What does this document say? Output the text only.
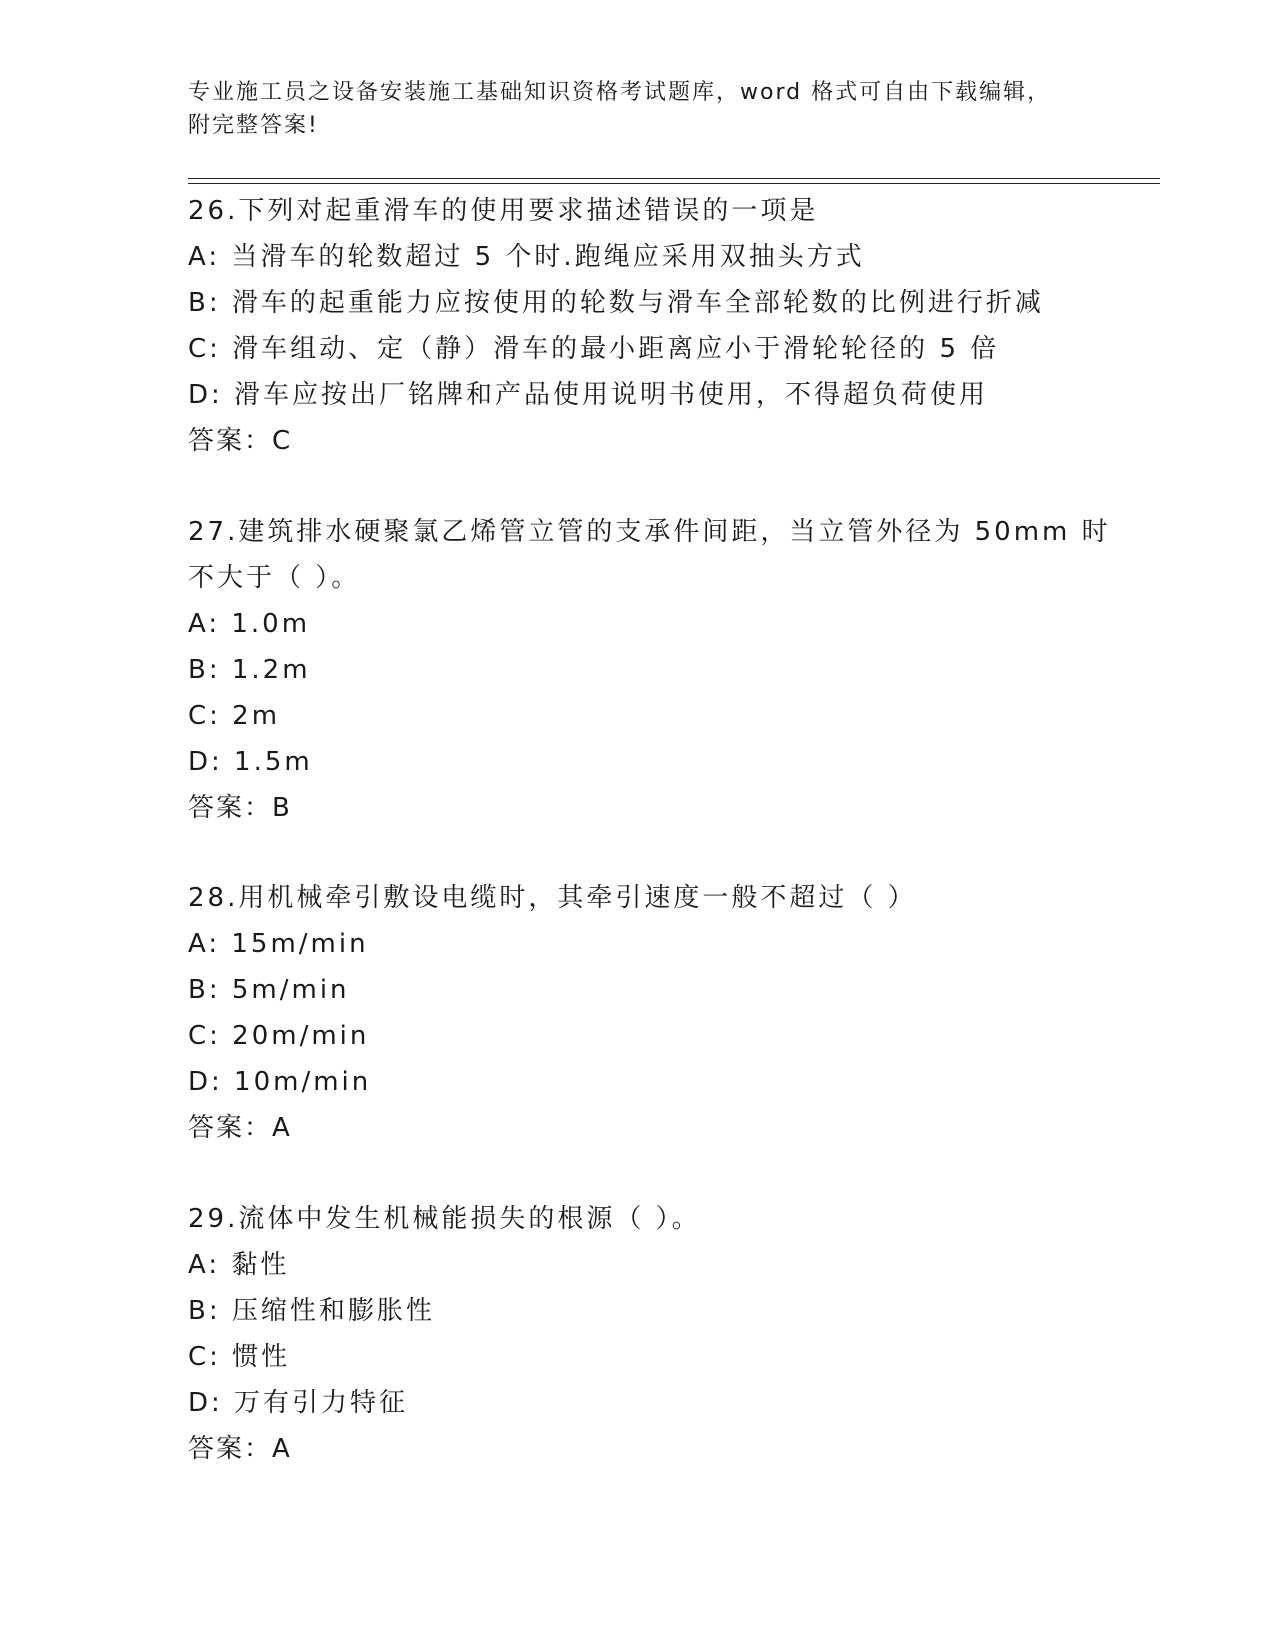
专业施工员之设备安装施工基础知识资格考试题库，word 格式可自由下载编辑，
附完整答案!
26.下列对起重滑车的使用要求描述错误的一项是
A: 当滑车的轮数超过 5 个时.跑绳应采用双抽头方式
B: 滑车的起重能力应按使用的轮数与滑车全部轮数的比例进行折减
C: 滑车组动、定（静）滑车的最小距离应小于滑轮轮径的 5 倍
D: 滑车应按出厂铭牌和产品使用说明书使用，不得超负荷使用
答案：C
27.建筑排水硬聚氯乙烯管立管的支承件间距，当立管外径为 50mm 时
不大于（ ）。
A: 1.0m
B: 1.2m
C: 2m
D: 1.5m
答案：B
28.用机械牵引敷设电缆时，其牵引速度一般不超过（ ）
A: 15m/min
B: 5m/min
C: 20m/min
D: 10m/min
答案：A
29.流体中发生机械能损失的根源（ ）。
A: 黏性
B: 压缩性和膨胀性
C: 惯性
D: 万有引力特征
答案：A
